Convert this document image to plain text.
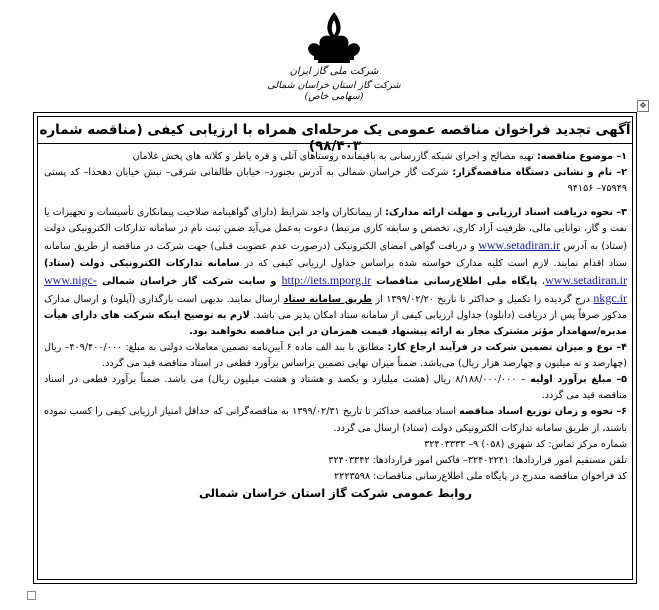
شرکت ملی گاز ایران
شرکت گاز استان خراسان شمالی (سهامی خاص)
✥
آگهی تجدید فراخوان مناقصه عمومی یک مرحله‌ای همراه با ارزیابی کیفی (مناقصه شماره ۹۸/۴۰۳)

۱– موضوع مناقصه: تهیه مصالح و اجرای شبکه گازرسانی به باقیمانده روستاهای آتلی و قره یاطر و کلاته های پخش غلامان

۲– نام و نشانی دستگاه مناقصه‌گزار: شرکت گاز خراسان شمالی به آدرس بجنورد– خیابان طالقانی شرقی– نبش خیابان دهخدا– کد پستی ۷۵۹۴۹– ۹۴۱۵۶

۳– نحوه دریافت اسناد ارزیابی و مهلت ارائه مدارک: از پیمانکاران واجد شرایط (دارای گواهینامه صلاحیت پیمانکاری تأسیسات و تجهیزات یا نفت و گاز، توانایی مالی، ظرفیت آزاد کاری، تخصص و سابقه کاری مرتبط) دعوت به‌عمل می‌آید ضمن ثبت نام در سامانه تدارکات الکترونیکی دولت (ستاد) به آدرس www.setadiran.ir و دریافت گواهی امضای الکترونیکی (درصورت عدم عضویت قبلی) جهت شرکت در مناقصه از طریق سامانه ستاد اقدام نمایند. لازم است کلیه مدارک خواسته شده براساس جداول ارزیابی کیفی که در سامانه تدارکات الکترونیکی دولت (ستاد) www.setadiran.ir، پایگاه ملی اطلاع‌رسانی مناقصات http://iets.mporg.ir و سایت شرکت گاز خراسان شمالی www.nigc-nkgc.ir درج گردیده را تکمیل و حداکثر تا تاریخ ۱۳۹۹/۰۲/۲۰ از طریق سامانه ستاد ارسال نمایند. بدیهی است بارگذاری (آپلود) و ارسال مدارک مذکور صرفاً پس از دریافت (دانلود) جداول ارزیابی کیفی از سامانه ستاد امکان پذیر می باشد. لازم به توضیح اینکه شرکت های دارای هیأت مدیره/سهامدار مؤثر مشترک مجاز به ارائه پیشنهاد قیمت همزمان در این مناقصه نخواهند بود.

۴– نوع و میزان تضمین شرکت در فرآیند ارجاع کار: مطابق با بند الف ماده ۶ آیین‌نامه تضمین معاملات دولتی به مبلغ: ۴۰۹/۴۰۰/۰۰۰– ریال (چهارصد و نه میلیون و چهارصد هزار ریال) می‌باشد. ضمناً میزان نهایی تضمین براساس برآورد قطعی در اسناد مناقصه قید می گردد.

۵– مبلغ برآورد اولیه – ۸/۱۸۸/۰۰۰/۰۰۰ ریال (هشت میلیارد و یکصد و هشتاد و هشت میلیون ریال) می باشد. ضمناً برآورد قطعی در اسناد مناقصه قید می گردد.

۶– نحوه و زمان توزیع اسناد مناقصه اسناد مناقصه حداکثر تا تاریخ ۱۳۹۹/۰۲/۳۱ به مناقصه‌گرانی که حداقل امتیاز ارزیابی کیفی را کسب نموده باشند، از طریق سامانه تدارکات الکترونیکی دولت (ستاد) ارسال می گردد.

شماره مرکز تماس: کد شهری (۰۵۸) ۹– ۳۲۴۰۳۳۳۳

تلفن مستقیم امور قراردادها: ۳۲۴۰۲۲۴۱– فاکس امور قراردادها: ۳۲۴۰۳۳۴۲

کد فراخوان مناقصه مندرج در پایگاه ملی اطلاع‌رسانی مناقصات: ۲۲۲۳۵۹۸

روابط عمومی شرکت گاز استان خراسان شمالی
